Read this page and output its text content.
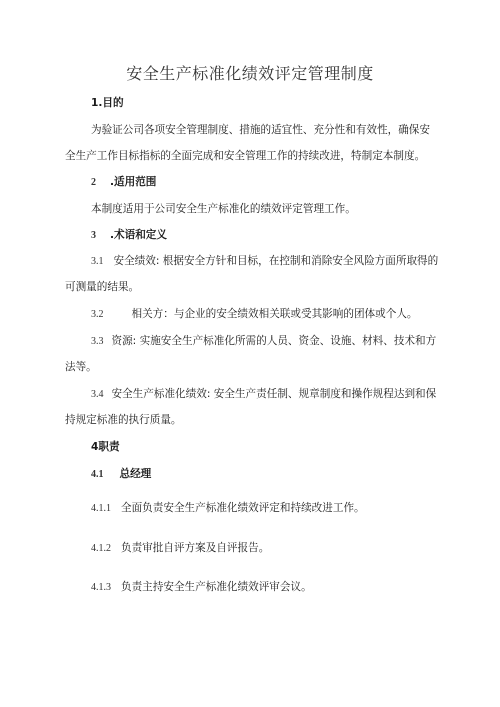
安全生产标准化绩效评定管理制度
1.目的
为验证公司各项安全管理制度、措施的适宜性、充分性和有效性，确保安
全生产工作目标指标的全面完成和安全管理工作的持续改进，特制定本制度。
2 .适用范围
本制度适用于公司安全生产标准化的绩效评定管理工作。
3 .术语和定义
3.1 安全绩效: 根据安全方针和目标，在控制和消除安全风险方面所取得的
可测量的结果。
3.2	相关方：与企业的安全绩效相关联或受其影响的团体或个人。
3.3 资源: 实施安全生产标准化所需的人员、资金、设施、材料、技术和方
法等。
3.4 安全生产标准化绩效: 安全生产责任制、规章制度和操作规程达到和保
持规定标准的执行质量。
4职责
4.1 总经理
4.1.1 全面负责安全生产标准化绩效评定和持续改进工作。
4.1.2 负责审批自评方案及自评报告。
4.1.3 负责主持安全生产标准化绩效评审会议。
